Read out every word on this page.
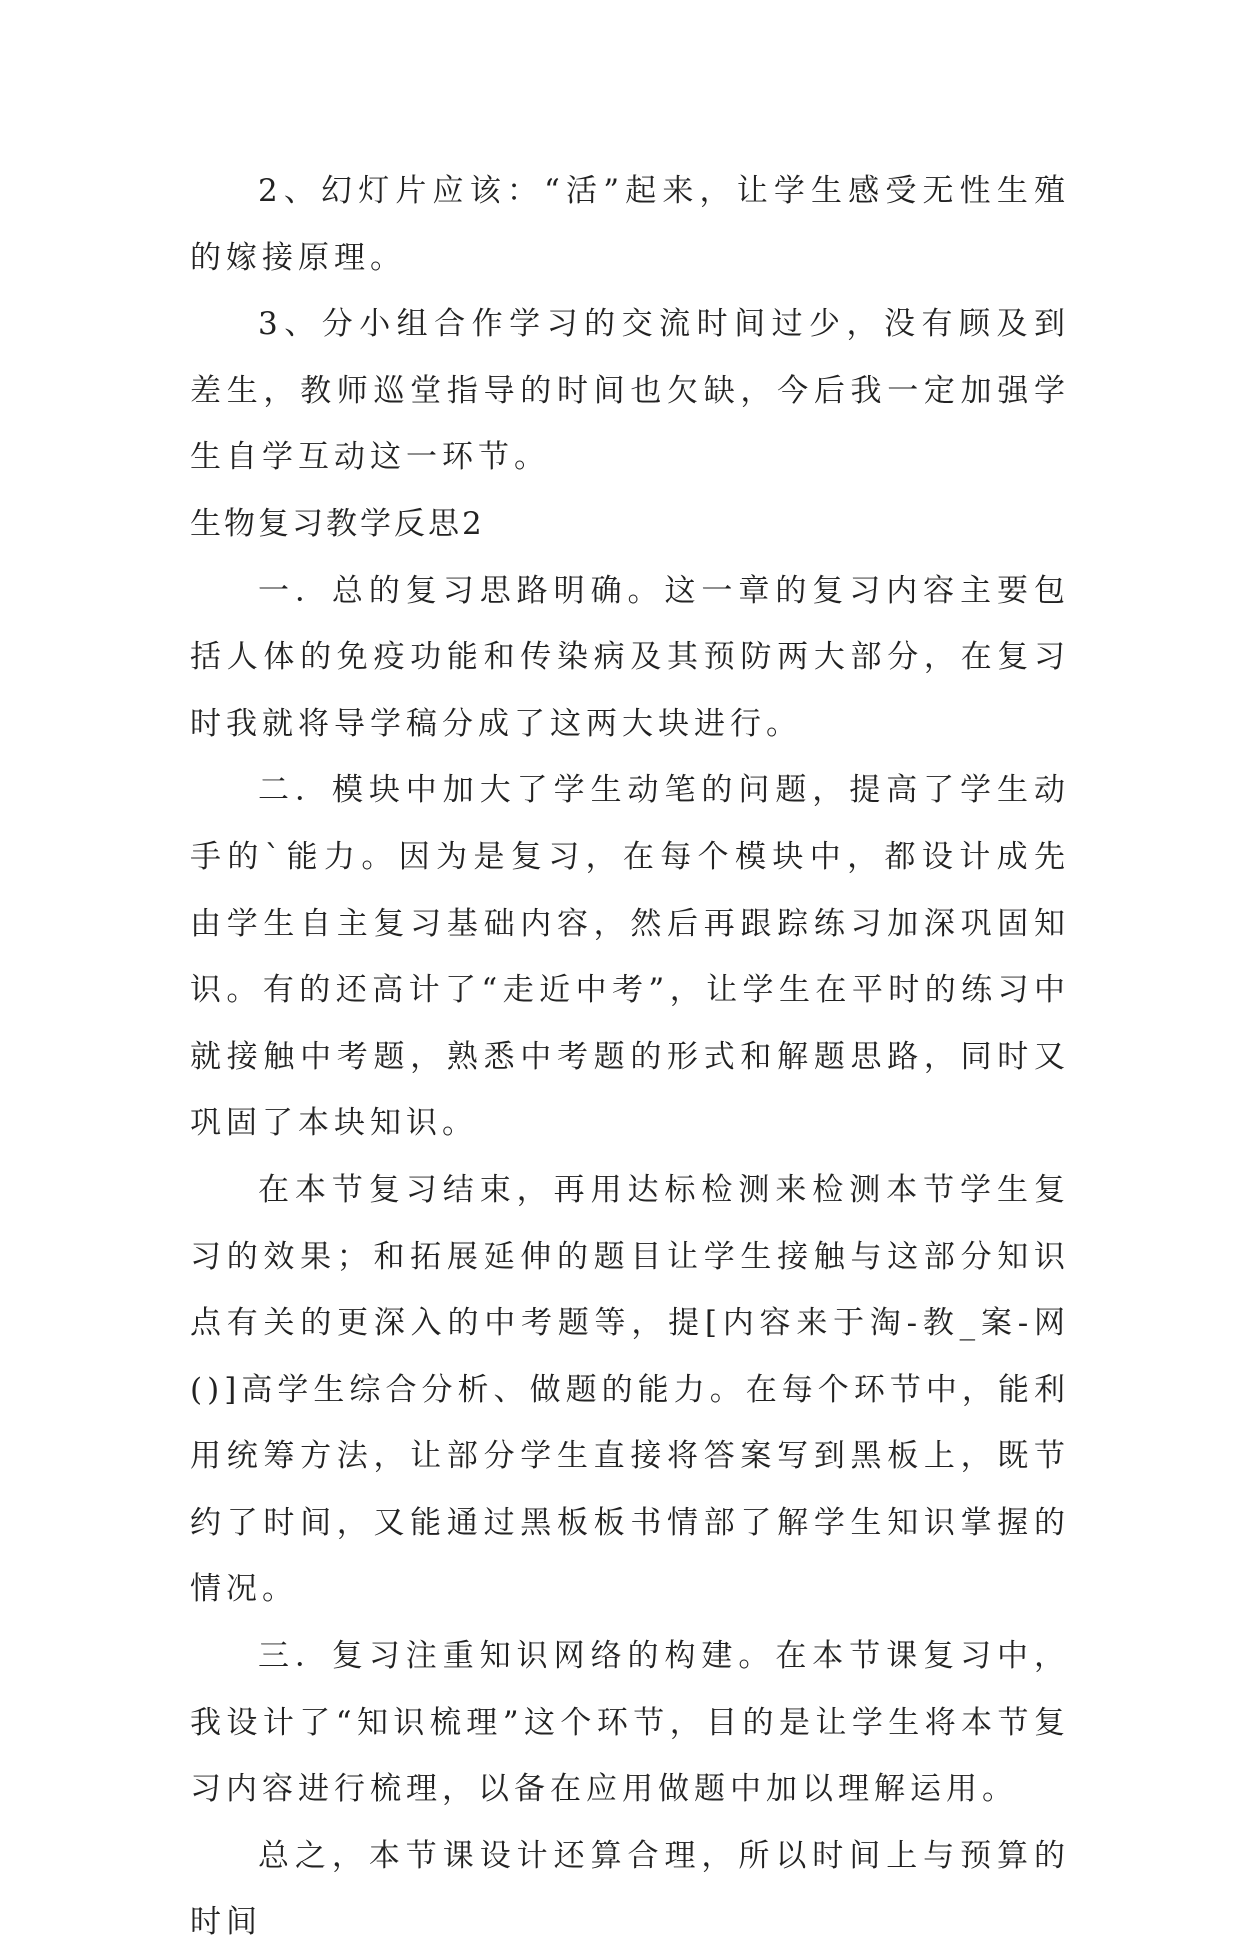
2、幻灯片应该：“活”起来，让学生感受无性生殖的嫁接原理。

3、分小组合作学习的交流时间过少，没有顾及到差生，教师巡堂指导的时间也欠缺，今后我一定加强学生自学互动这一环节。

生物复习教学反思2

一．总的复习思路明确。这一章的复习内容主要包括人体的免疫功能和传染病及其预防两大部分，在复习时我就将导学稿分成了这两大块进行。

二．模块中加大了学生动笔的问题，提高了学生动手的`能力。因为是复习，在每个模块中，都设计成先由学生自主复习基础内容，然后再跟踪练习加深巩固知识。有的还高计了“走近中考”，让学生在平时的练习中就接触中考题，熟悉中考题的形式和解题思路，同时又巩固了本块知识。

在本节复习结束，再用达标检测来检测本节学生复习的效果；和拓展延伸的题目让学生接触与这部分知识点有关的更深入的中考题等，提[内容来于淘-教_案-网　()]高学生综合分析、做题的能力。在每个环节中，能利用统筹方法，让部分学生直接将答案写到黑板上，既节约了时间，又能通过黑板板书情部了解学生知识掌握的情况。

三．复习注重知识网络的构建。在本节课复习中，我设计了“知识梳理”这个环节，目的是让学生将本节复习内容进行梳理，以备在应用做题中加以理解运用。

总之，本节课设计还算合理，所以时间上与预算的时间
